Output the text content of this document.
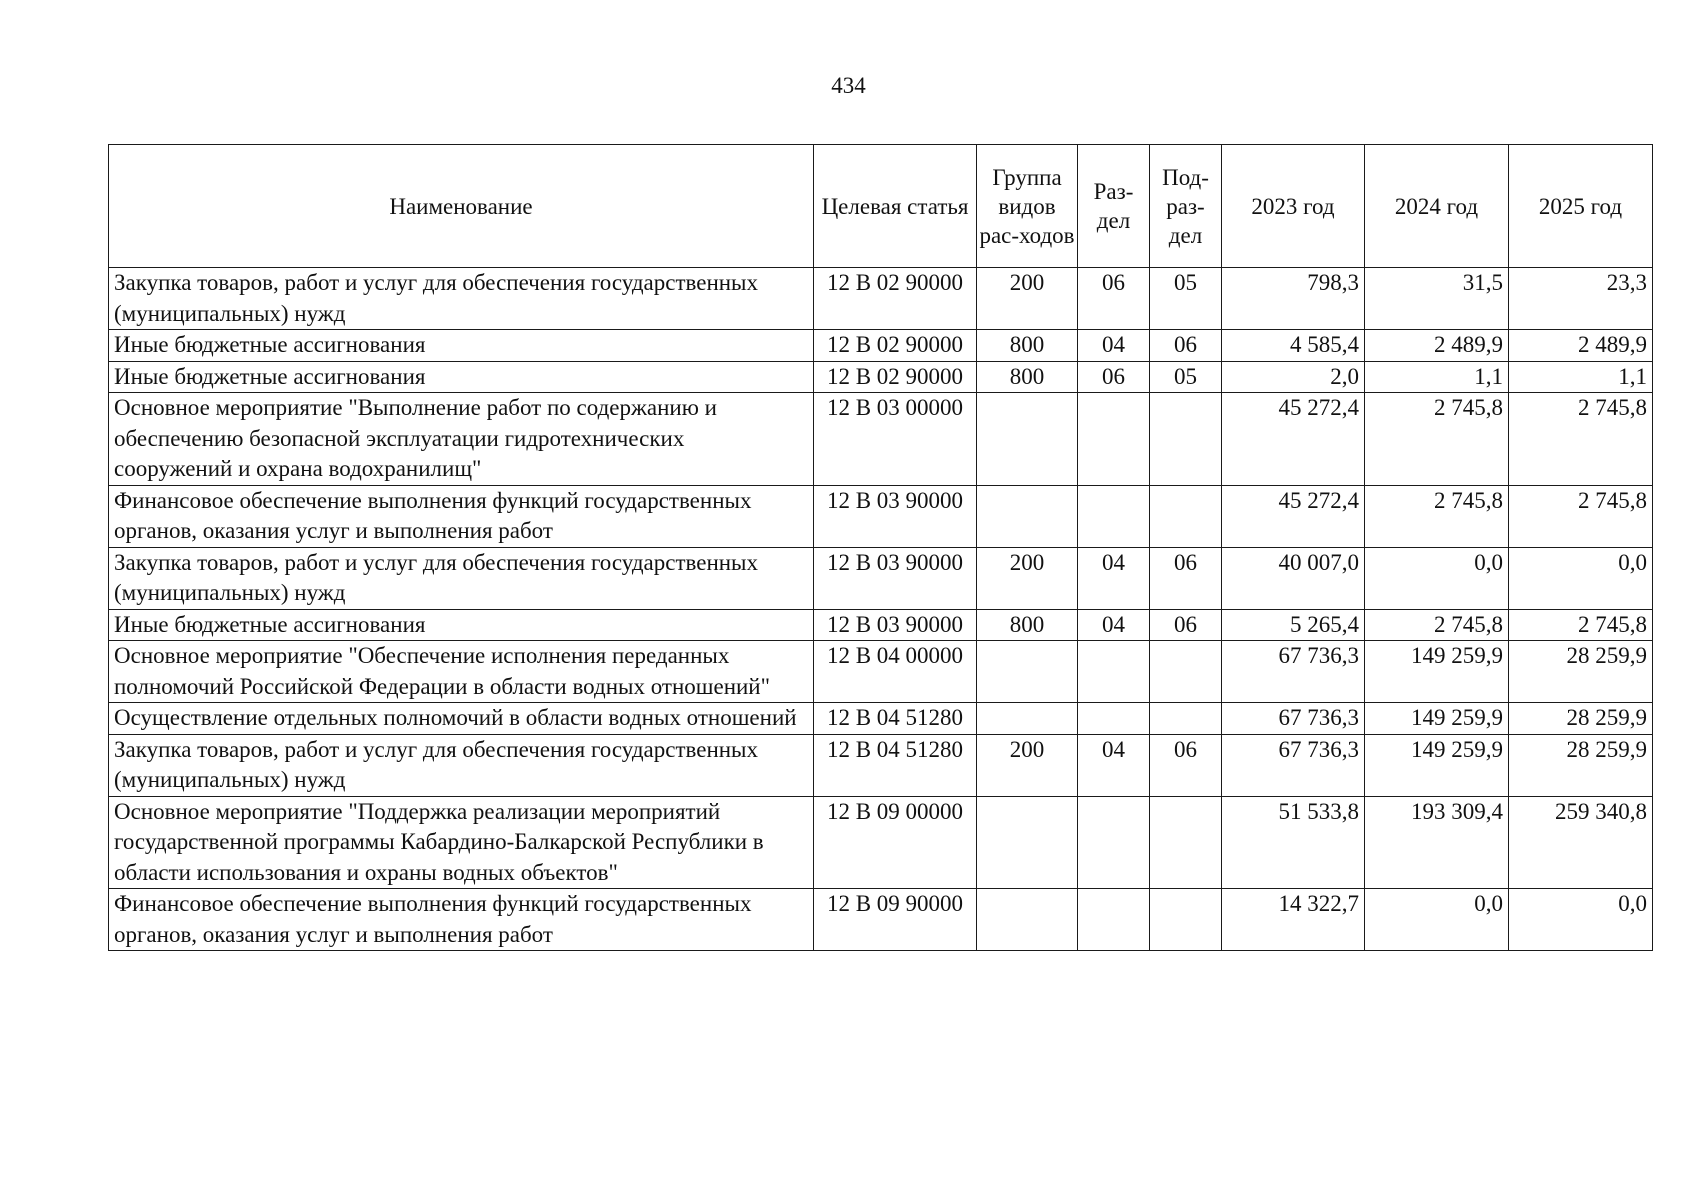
434
Наименование	Целевая статья	Группа видов рас-ходов	Раз-дел	Под-раз-дел	2023 год	2024 год	2025 год
Закупка товаров, работ и услуг для обеспечения государственных (муниципальных) нужд	12 В 02 90000	200	06	05	798,3	31,5	23,3
Иные бюджетные ассигнования	12 В 02 90000	800	04	06	4 585,4	2 489,9	2 489,9
Иные бюджетные ассигнования	12 В 02 90000	800	06	05	2,0	1,1	1,1
Основное мероприятие "Выполнение работ по содержанию и обеспечению безопасной эксплуатации гидротехнических сооружений и охрана водохранилищ"	12 В 03 00000				45 272,4	2 745,8	2 745,8
Финансовое обеспечение выполнения функций государственных органов, оказания услуг и выполнения работ	12 В 03 90000				45 272,4	2 745,8	2 745,8
Закупка товаров, работ и услуг для обеспечения государственных (муниципальных) нужд	12 В 03 90000	200	04	06	40 007,0	0,0	0,0
Иные бюджетные ассигнования	12 В 03 90000	800	04	06	5 265,4	2 745,8	2 745,8
Основное мероприятие "Обеспечение исполнения переданных полномочий Российской Федерации в области водных отношений"	12 В 04 00000				67 736,3	149 259,9	28 259,9
Осуществление отдельных полномочий в области водных отношений	12 В 04 51280				67 736,3	149 259,9	28 259,9
Закупка товаров, работ и услуг для обеспечения государственных (муниципальных) нужд	12 В 04 51280	200	04	06	67 736,3	149 259,9	28 259,9
Основное мероприятие "Поддержка реализации мероприятий государственной программы Кабардино-Балкарской Республики в области использования и охраны водных объектов"	12 В 09 00000				51 533,8	193 309,4	259 340,8
Финансовое обеспечение выполнения функций государственных органов, оказания услуг и выполнения работ	12 В 09 90000				14 322,7	0,0	0,0
